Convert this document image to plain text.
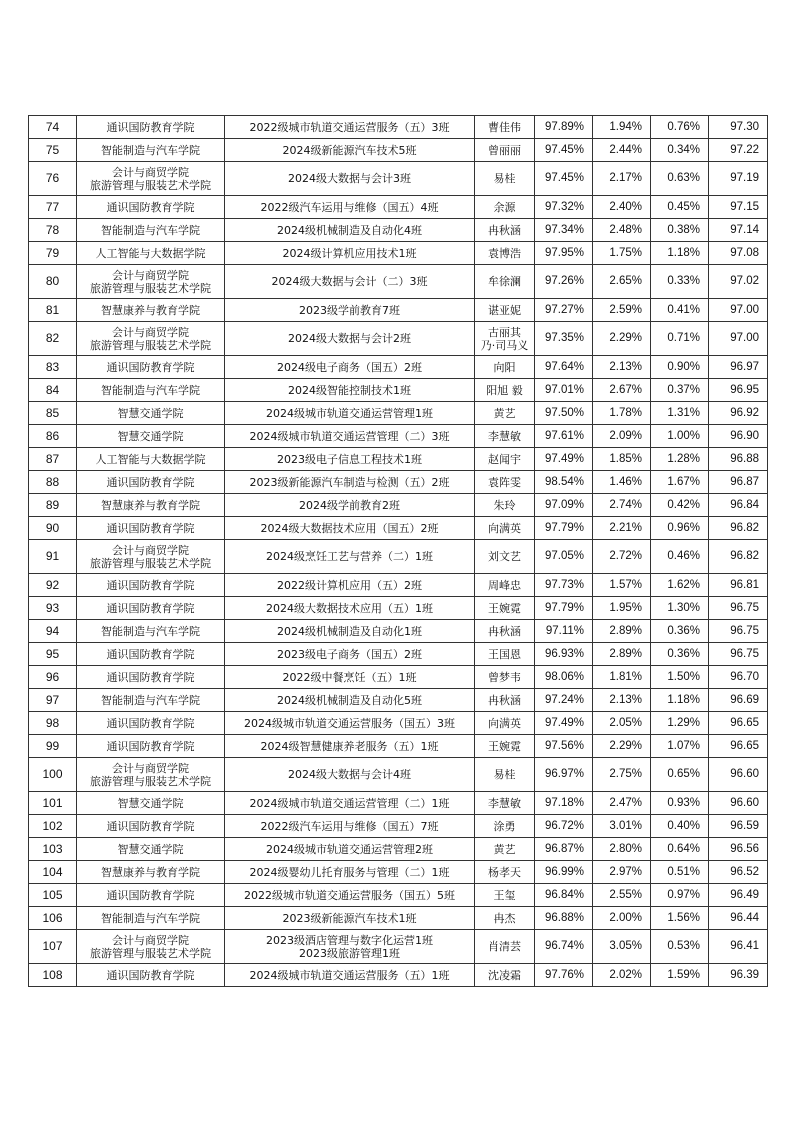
74	通识国防教育学院	2022级城市轨道交通运营服务（五）3班	曹佳伟	97.89%	1.94%	0.76%	97.30
75	智能制造与汽车学院	2024级新能源汽车技术5班	曾丽丽	97.45%	2.44%	0.34%	97.22
76	会计与商贸学院
旅游管理与服装艺术学院	2024级大数据与会计3班	易桂	97.45%	2.17%	0.63%	97.19
77	通识国防教育学院	2022级汽车运用与维修（国五）4班	余源	97.32%	2.40%	0.45%	97.15
78	智能制造与汽车学院	2024级机械制造及自动化4班	冉秋涵	97.34%	2.48%	0.38%	97.14
79	人工智能与大数据学院	2024级计算机应用技术1班	袁博浩	97.95%	1.75%	1.18%	97.08
80	会计与商贸学院
旅游管理与服装艺术学院	2024级大数据与会计（二）3班	牟徐澜	97.26%	2.65%	0.33%	97.02
81	智慧康养与教育学院	2023级学前教育7班	谌亚妮	97.27%	2.59%	0.41%	97.00
82	会计与商贸学院
旅游管理与服装艺术学院	2024级大数据与会计2班	古丽其
乃·司马义	97.35%	2.29%	0.71%	97.00
83	通识国防教育学院	2024级电子商务（国五）2班	向阳	97.64%	2.13%	0.90%	96.97
84	智能制造与汽车学院	2024级智能控制技术1班	阳旭 毅	97.01%	2.67%	0.37%	96.95
85	智慧交通学院	2024级城市轨道交通运营管理1班	黄艺	97.50%	1.78%	1.31%	96.92
86	智慧交通学院	2024级城市轨道交通运营管理（二）3班	李慧敏	97.61%	2.09%	1.00%	96.90
87	人工智能与大数据学院	2023级电子信息工程技术1班	赵闻宇	97.49%	1.85%	1.28%	96.88
88	通识国防教育学院	2023级新能源汽车制造与检测（五）2班	袁阵雯	98.54%	1.46%	1.67%	96.87
89	智慧康养与教育学院	2024级学前教育2班	朱玲	97.09%	2.74%	0.42%	96.84
90	通识国防教育学院	2024级大数据技术应用（国五）2班	向满英	97.79%	2.21%	0.96%	96.82
91	会计与商贸学院
旅游管理与服装艺术学院	2024级烹饪工艺与营养（二）1班	刘文艺	97.05%	2.72%	0.46%	96.82
92	通识国防教育学院	2022级计算机应用（五）2班	周峰忠	97.73%	1.57%	1.62%	96.81
93	通识国防教育学院	2024级大数据技术应用（五）1班	王婉霓	97.79%	1.95%	1.30%	96.75
94	智能制造与汽车学院	2024级机械制造及自动化1班	冉秋涵	97.11%	2.89%	0.36%	96.75
95	通识国防教育学院	2023级电子商务（国五）2班	王国恩	96.93%	2.89%	0.36%	96.75
96	通识国防教育学院	2022级中餐烹饪（五）1班	曾梦韦	98.06%	1.81%	1.50%	96.70
97	智能制造与汽车学院	2024级机械制造及自动化5班	冉秋涵	97.24%	2.13%	1.18%	96.69
98	通识国防教育学院	2024级城市轨道交通运营服务（国五）3班	向满英	97.49%	2.05%	1.29%	96.65
99	通识国防教育学院	2024级智慧健康养老服务（五）1班	王婉霓	97.56%	2.29%	1.07%	96.65
100	会计与商贸学院
旅游管理与服装艺术学院	2024级大数据与会计4班	易桂	96.97%	2.75%	0.65%	96.60
101	智慧交通学院	2024级城市轨道交通运营管理（二）1班	李慧敏	97.18%	2.47%	0.93%	96.60
102	通识国防教育学院	2022级汽车运用与维修（国五）7班	涂勇	96.72%	3.01%	0.40%	96.59
103	智慧交通学院	2024级城市轨道交通运营管理2班	黄艺	96.87%	2.80%	0.64%	96.56
104	智慧康养与教育学院	2024级婴幼儿托育服务与管理（二）1班	杨孝天	96.99%	2.97%	0.51%	96.52
105	通识国防教育学院	2022级城市轨道交通运营服务（国五）5班	王玺	96.84%	2.55%	0.97%	96.49
106	智能制造与汽车学院	2023级新能源汽车技术1班	冉杰	96.88%	2.00%	1.56%	96.44
107	会计与商贸学院
旅游管理与服装艺术学院	2023级酒店管理与数字化运营1班
2023级旅游管理1班	肖清芸	96.74%	3.05%	0.53%	96.41
108	通识国防教育学院	2024级城市轨道交通运营服务（五）1班	沈凌霜	97.76%	2.02%	1.59%	96.39
